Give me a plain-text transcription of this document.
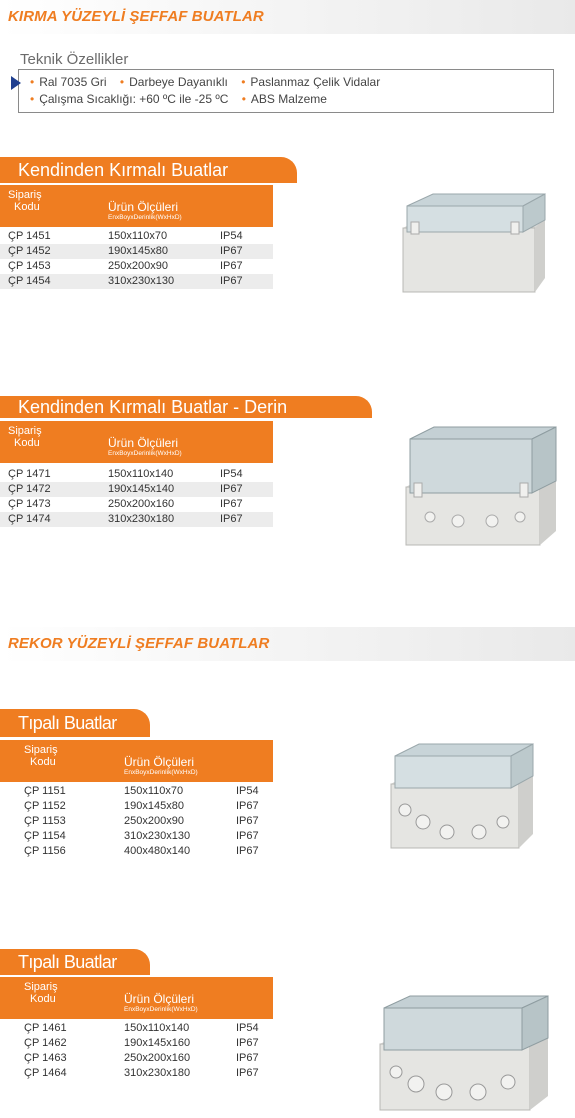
KIRMA YÜZEYLİ ŞEFFAF BUATLAR
Teknik Özellikler
• Ral 7035 Gri • Darbeye Dayanıklı • Paslanmaz Çelik Vidalar
• Çalışma Sıcaklığı: +60 ºC ile -25 ºC • ABS Malzeme
Kendinden Kırmalı Buatlar
Sipariş
Kodu	Ürün Ölçüleri
EnxBoyxDerinlik(WxHxD)
ÇP 1451	150x110x70	IP54
ÇP 1452	190x145x80	IP67
ÇP 1453	250x200x90	IP67
ÇP 1454	310x230x130	IP67
Kendinden Kırmalı Buatlar - Derin
Sipariş
Kodu	Ürün Ölçüleri
EnxBoyxDerinlik(WxHxD)
ÇP 1471	150x110x140	IP54
ÇP 1472	190x145x140	IP67
ÇP 1473	250x200x160	IP67
ÇP 1474	310x230x180	IP67
REKOR YÜZEYLİ ŞEFFAF BUATLAR
Tıpalı Buatlar
Sipariş
Kodu	Ürün Ölçüleri
EnxBoyxDerinlik(WxHxD)
ÇP 1151	150x110x70	IP54
ÇP 1152	190x145x80	IP67
ÇP 1153	250x200x90	IP67
ÇP 1154	310x230x130	IP67
ÇP 1156	400x480x140	IP67
Tıpalı Buatlar
Sipariş
Kodu	Ürün Ölçüleri
EnxBoyxDerinlik(WxHxD)
ÇP 1461	150x110x140	IP54
ÇP 1462	190x145x160	IP67
ÇP 1463	250x200x160	IP67
ÇP 1464	310x230x180	IP67
